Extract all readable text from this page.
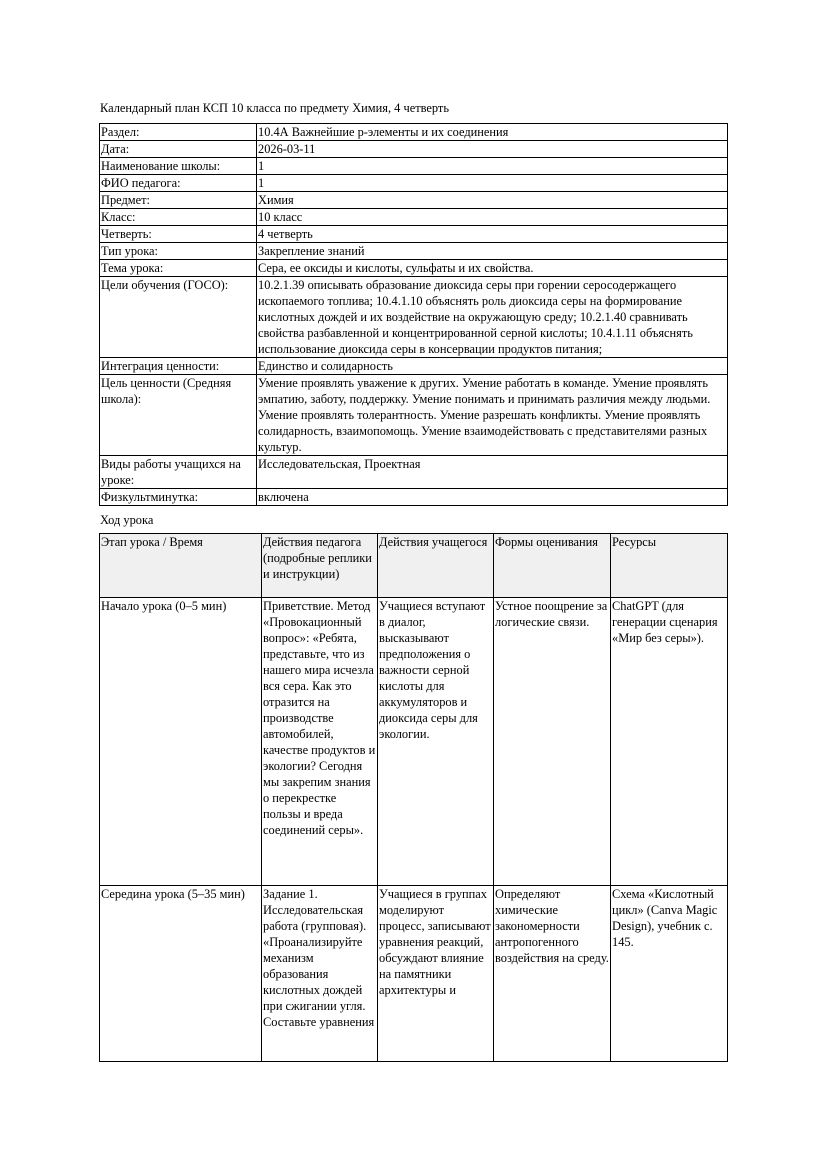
Календарный план КСП 10 класса по предмету Химия, 4 четверть
Раздел:	10.4А Важнейшие p-элементы и их соединения
Дата:	2026-03-11
Наименование школы:	1
ФИО педагога:	1
Предмет:	Химия
Класс:	10 класс
Четверть:	4 четверть
Тип урока:	Закрепление знаний
Тема урока:	Сера, ее оксиды и кислоты, сульфаты и их свойства.
Цели обучения (ГОСО):	10.2.1.39 описывать образование диоксида серы при горении серосодержащего ископаемого топлива; 10.4.1.10 объяснять роль диоксида серы на формирование кислотных дождей и их воздействие на окружающую среду; 10.2.1.40 сравнивать свойства разбавленной и концентрированной серной кислоты; 10.4.1.11 объяснять использование диоксида серы в консервации продуктов питания;
Интеграция ценности:	Единство и солидарность
Цель ценности (Средняя школа):	Умение проявлять уважение к других. Умение работать в команде. Умение проявлять эмпатию, заботу, поддержку. Умение понимать и принимать различия между людьми. Умение проявлять толерантность. Умение разрешать конфликты. Умение проявлять солидарность, взаимопомощь. Умение взаимодействовать с представителями разных культур.
Виды работы учащихся на уроке:	Исследовательская, Проектная
Физкультминутка:	включена
Ход урока
Этап урока / Время	Действия педагога (подробные реплики и инструкции)	Действия учащегося	Формы оценивания	Ресурсы
Начало урока (0–5 мин)	Приветствие. Метод «Провокационный вопрос»: «Ребята, представьте, что из нашего мира исчезла вся сера. Как это отразится на производстве автомобилей, качестве продуктов и экологии? Сегодня мы закрепим знания о перекрестке пользы и вреда соединений серы».	Учащиеся вступают в диалог, высказывают предположения о важности серной кислоты для аккумуляторов и диоксида серы для экологии.	Устное поощрение за логические связи.	ChatGPT (для генерации сценария «Мир без серы»).

Середина урока (5–35 мин)	Задание 1. Исследовательская работа (групповая). «Проанализируйте механизм образования кислотных дождей при сжигании угля. Составьте уравнения	Учащиеся в группах моделируют процесс, записывают уравнения реакций, обсуждают влияние на памятники архитектуры и	Определяют химические закономерности антропогенного воздействия на среду.	Схема «Кислотный цикл» (Canva Magic Design), учебник с. 145.
